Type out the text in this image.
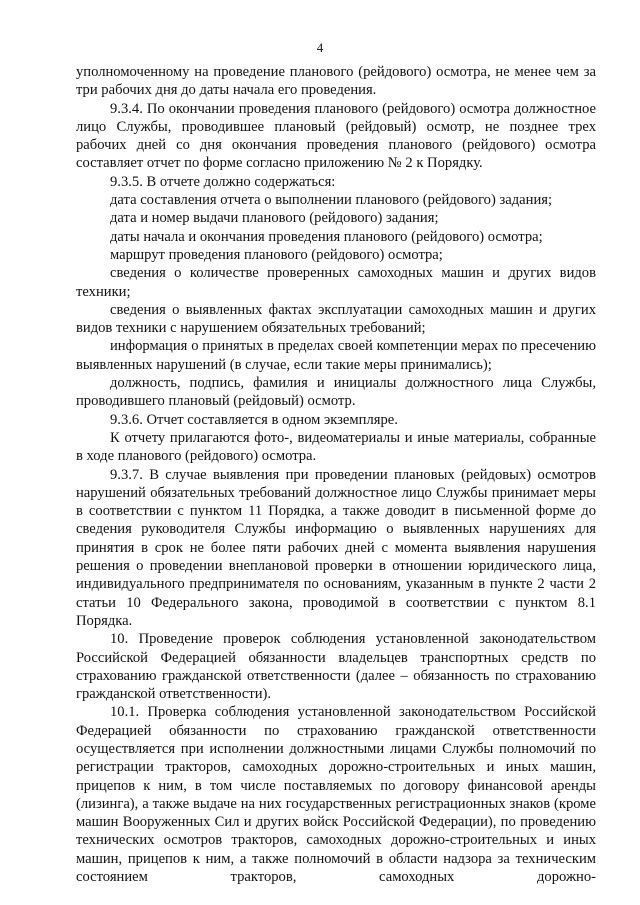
4

уполномоченному на проведение планового (рейдового) осмотра, не менее чем за три рабочих дня до даты начала его проведения.

9.3.4. По окончании проведения планового (рейдового) осмотра должностное лицо Службы, проводившее плановый (рейдовый) осмотр, не позднее трех рабочих дней со дня окончания проведения планового (рейдового) осмотра составляет отчет по форме согласно приложению № 2 к Порядку.

9.3.5. В отчете должно содержаться:

дата составления отчета о выполнении планового (рейдового) задания;

дата и номер выдачи планового (рейдового) задания;

даты начала и окончания проведения планового (рейдового) осмотра;

маршрут проведения планового (рейдового) осмотра;

сведения о количестве проверенных самоходных машин и других видов техники;

сведения о выявленных фактах эксплуатации самоходных машин и других видов техники с нарушением обязательных требований;

информация о принятых в пределах своей компетенции мерах по пресечению выявленных нарушений (в случае, если такие меры принимались);

должность, подпись, фамилия и инициалы должностного лица Службы, проводившего плановый (рейдовый) осмотр.

9.3.6. Отчет составляется в одном экземпляре.

К отчету прилагаются фото-, видеоматериалы и иные материалы, собранные в ходе планового (рейдового) осмотра.

9.3.7. В случае выявления при проведении плановых (рейдовых) осмотров нарушений обязательных требований должностное лицо Службы принимает меры в соответствии с пунктом 11 Порядка, а также доводит в письменной форме до сведения руководителя Службы информацию о выявленных нарушениях для принятия в срок не более пяти рабочих дней с момента выявления нарушения решения о проведении внеплановой проверки в отношении юридического лица, индивидуального предпринимателя по основаниям, указанным в пункте 2 части 2 статьи 10 Федерального закона, проводимой в соответствии с пунктом 8.1 Порядка.

10. Проведение проверок соблюдения установленной законодательством Российской Федерацией обязанности владельцев транспортных средств по страхованию гражданской ответственности (далее – обязанность по страхованию гражданской ответственности).

10.1. Проверка соблюдения установленной законодательством Российской Федерацией обязанности по страхованию гражданской ответственности осуществляется при исполнении должностными лицами Службы полномочий по регистрации тракторов, самоходных дорожно-строительных и иных машин, прицепов к ним, в том числе поставляемых по договору финансовой аренды (лизинга), а также выдаче на них государственных регистрационных знаков (кроме машин Вооруженных Сил и других войск Российской Федерации), по проведению технических осмотров тракторов, самоходных дорожно-строительных и иных машин, прицепов к ним, а также полномочий в области надзора за техническим состоянием тракторов, самоходных дорожно-
